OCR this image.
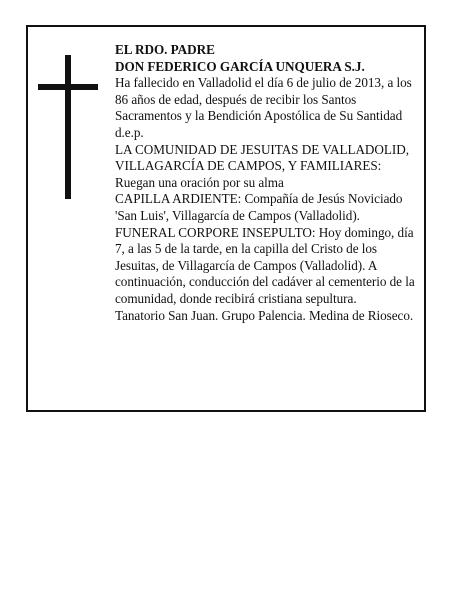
EL RDO. PADRE

DON FEDERICO GARCÍA UNQUERA S.J.

Ha fallecido en Valladolid el día 6 de julio de 2013, a los 86 años de edad, después de recibir los Santos Sacramentos y la Bendición Apostólica de Su Santidad d.e.p.

LA COMUNIDAD DE JESUITAS DE VALLADOLID, VILLAGARCÍA DE CAMPOS, Y FAMILIARES:

Ruegan una oración por su alma

CAPILLA ARDIENTE: Compañía de Jesús Noviciado 'San Luis', Villagarcía de Campos (Valladolid).

FUNERAL CORPORE INSEPULTO: Hoy domingo, día 7, a las 5 de la tarde, en la capilla del Cristo de los Jesuitas, de Villagarcía de Campos (Valladolid). A continuación, conducción del cadáver al cementerio de la comunidad, donde recibirá cristiana sepultura.

Tanatorio San Juan. Grupo Palencia. Medina de Rioseco.
